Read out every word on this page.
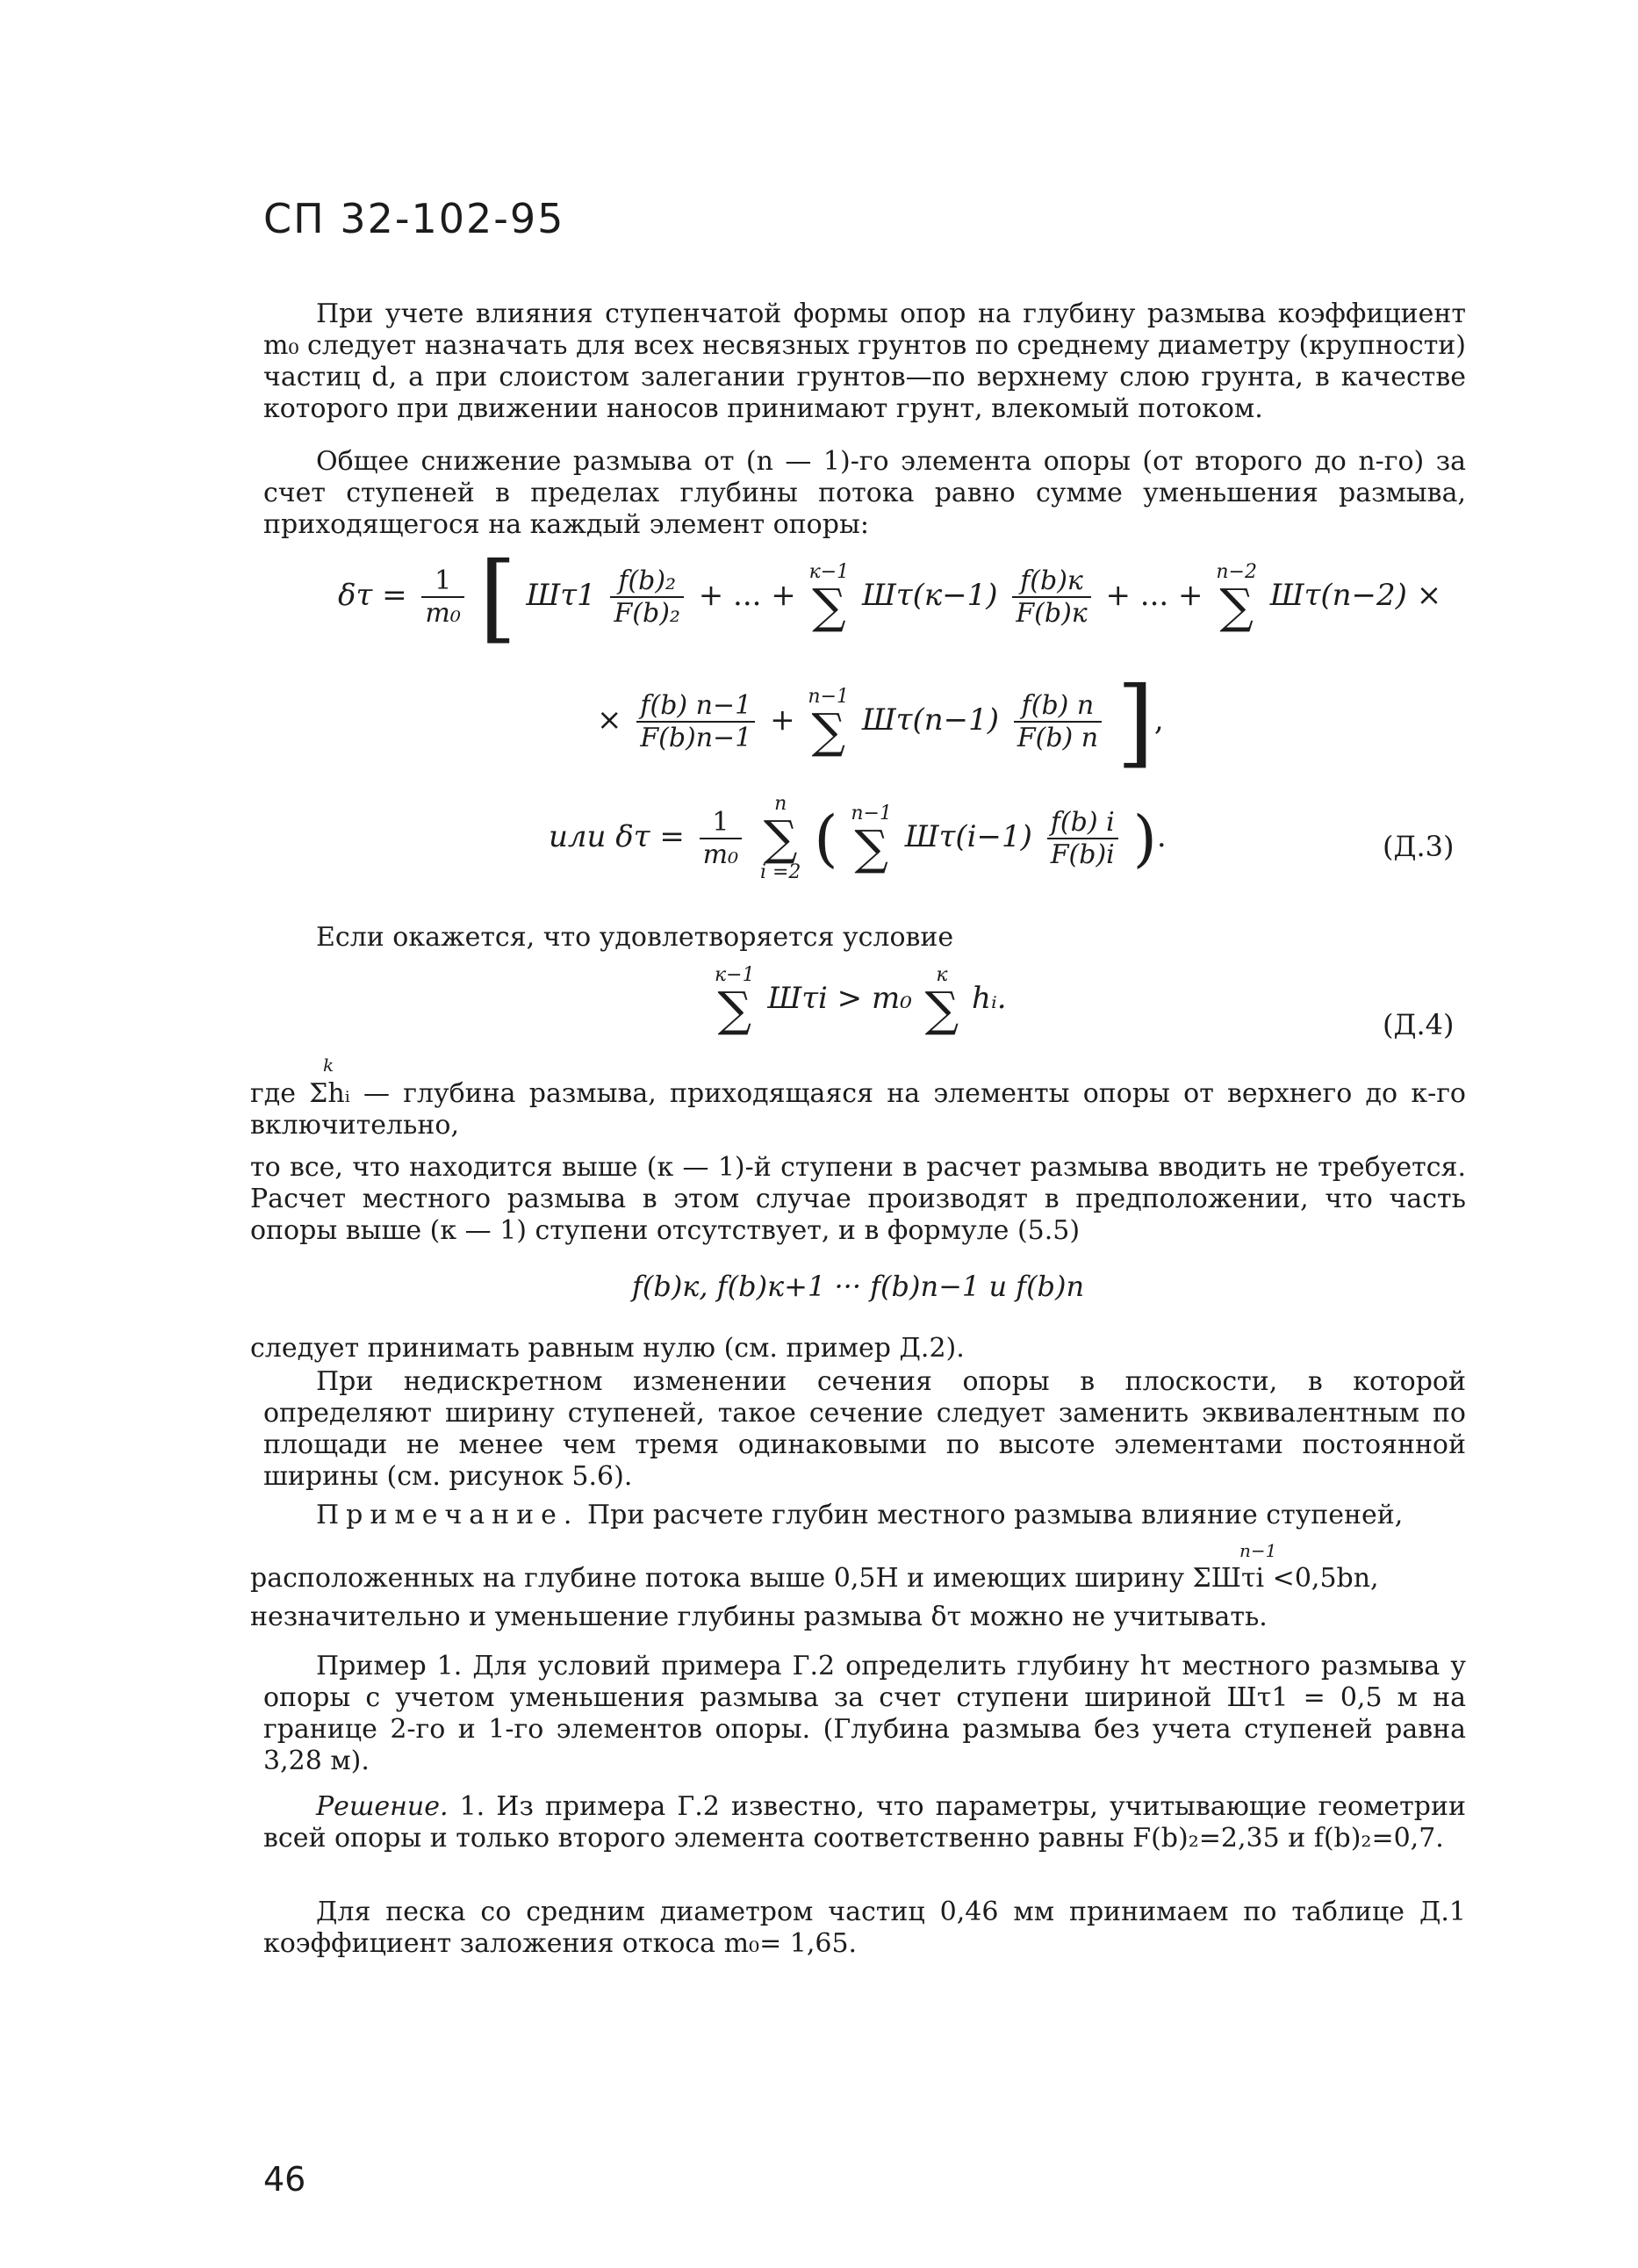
СП 32-102-95
При учете влияния ступенчатой формы опор на глубину размыва коэффициент m₀ следует назначать для всех несвязных грунтов по среднему диаметру (крупности) частиц d, а при слоистом залегании грунтов—по верхнему слою грунта, в качестве которого при движении наносов принимают грунт, влекомый потоком.
Общее снижение размыва от (n — 1)-го элемента опоры (от второго до n-го) за счет ступеней в пределах глубины потока равно сумме уменьшения размыва, приходящегося на каждый элемент опоры:
$\delta\tau = \frac{1}{\text{m₀}}$ [ $Ш\tau 1 \frac{\text{f(b)₂}}{\text{F(b)₂}}$ + ... +
к−1
∑ $Ш\tau(к-1) \frac{f(b)к}{F(b)к}$ + ... +
n−2
∑ Шτ(n−2) ×
× $\frac{f(b) n-1}{F(b)n-1}$ +
n−1
∑ $Ш\tau(n-1) \frac{f(b) n}{F(b) n}$ ],
или $\delta\tau = \frac{1}{\text{m₀}}$

n
∑
i =2 ( n−1
∑ $Ш\tau(i-1) \frac{f(b) i}{F(b)i}$ ).	(Д.3)
Если окажется, что удовлетворяется условие
к−1
∑ Шτi > m₀
к
∑ hᵢ.
(Д.4)
k
где Σhᵢ — глубина размыва, приходящаяся на элементы опоры от верхнего до к-го включительно,
то все, что находится выше (к — 1)-й ступени в расчет размыва вводить не требуется. Расчет местного размыва в этом случае производят в предположении, что часть опоры выше (к — 1) ступени отсутствует, и в формуле (5.5)
f(b)к, f(b)к+1 ··· f(b)n−1 и f(b)n
следует принимать равным нулю (см. пример Д.2).
При недискретном изменении сечения опоры в плоскости, в которой определяют ширину ступеней, такое сечение следует заменить эквивалентным по площади не менее чем тремя одинаковыми по высоте элементами постоянной ширины (см. рисунок 5.6).
Примечание. При расчете глубин местного размыва влияние ступеней,
n−1
расположенных на глубине потока выше 0,5H и имеющих ширину ΣШτi <0,5bn,
незначительно и уменьшение глубины размыва δτ можно не учитывать.
Пример 1. Для условий примера Г.2 определить глубину hτ местного размыва у опоры с учетом уменьшения размыва за счет ступени шириной Шτ1 = 0,5 м на границе 2-го и 1-го элементов опоры. (Глубина размыва без учета ступеней равна 3,28 м).
Решение. 1. Из примера Г.2 известно, что параметры, учитывающие геометрии всей опоры и только второго элемента соответственно равны F(b)₂=2,35 и f(b)₂=0,7.
Для песка со средним диаметром частиц 0,46 мм принимаем по таблице Д.1 коэффициент заложения откоса m₀= 1,65.
46
